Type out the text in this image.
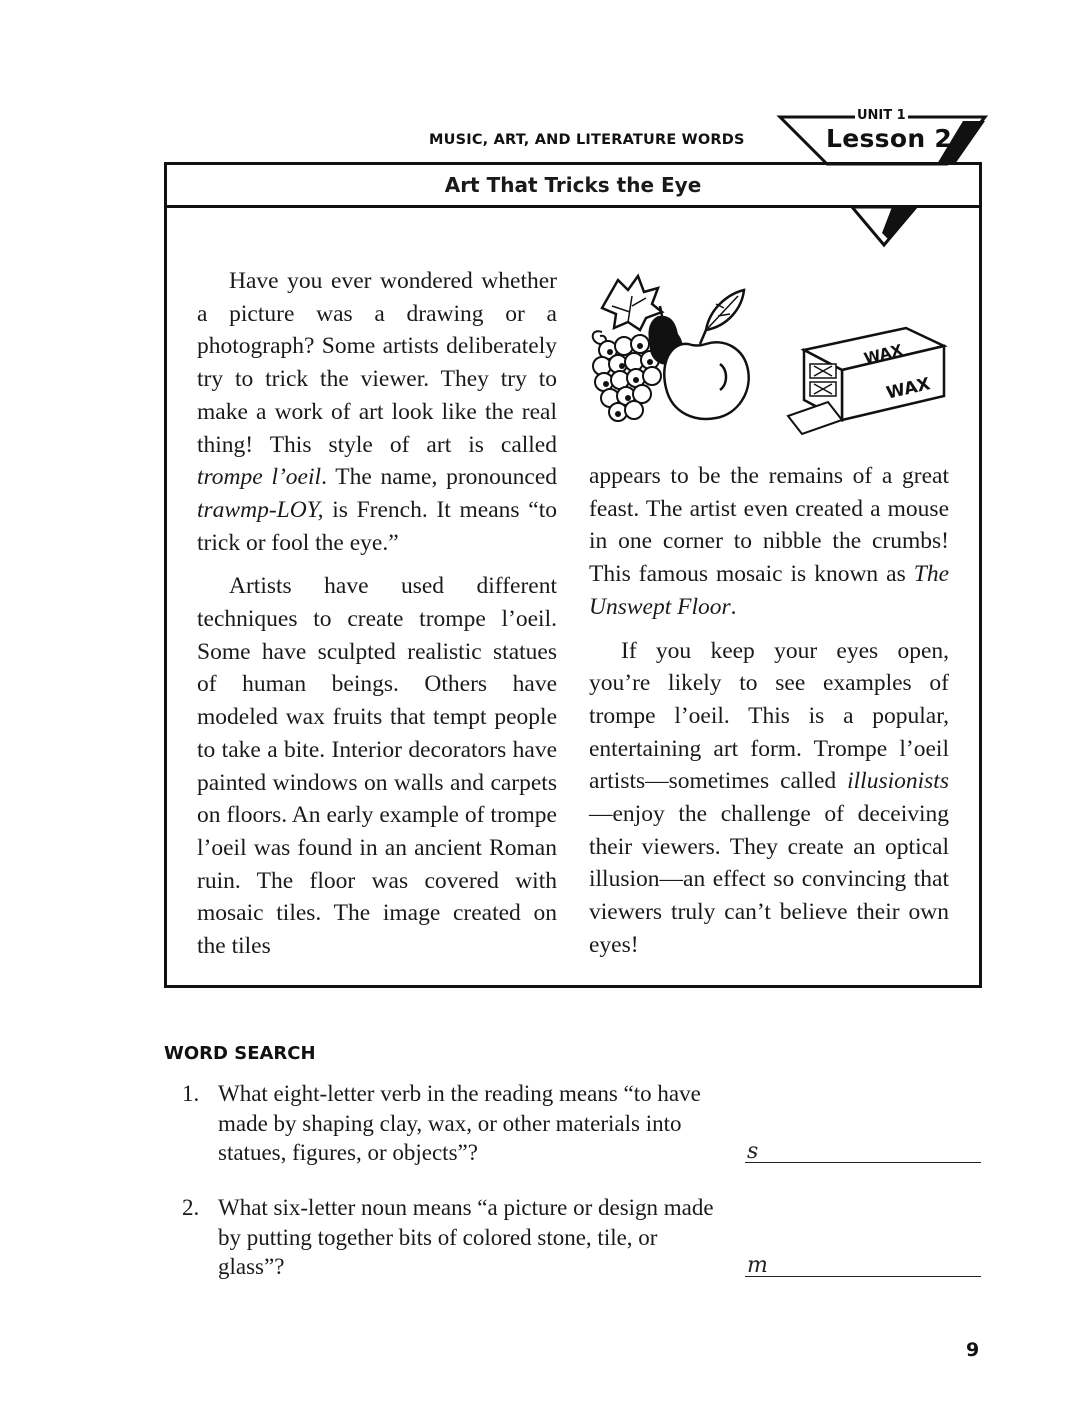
MUSIC, ART, AND LITERATURE WORDS
UNIT 1
Lesson 2
Art That Tricks the Eye

Have you ever wondered whether a picture was a drawing or a photograph? Some artists deliberately try to trick the viewer. They try to make a work of art look like the real thing! This style of art is called trompe l’oeil. The name, pronounced trawmp-LOY, is French. It means “to trick or fool the eye.”

Artists have used different techniques to create trompe l’oeil. Some have sculpted realistic statues of human beings. Others have modeled wax fruits that tempt people to take a bite. Interior decorators have painted windows on walls and carpets on floors. An early example of trompe l’oeil was found in an ancient Roman ruin. The floor was covered with mosaic tiles. The image created on the tiles

WAX
WAX

appears to be the remains of a great feast. The artist even created a mouse in one corner to nibble the crumbs! This famous mosaic is known as The Unswept Floor.

If you keep your eyes open, you’re likely to see examples of trompe l’oeil. This is a popular, entertaining art form. Trompe l’oeil artists—sometimes called illusionists—enjoy the challenge of deceiving their viewers. They create an optical illusion—an effect so convincing that viewers truly can’t believe their own eyes!

WORD SEARCH
1. What eight-letter verb in the reading means “to have made by shaping clay, wax, or other materials into statues, figures, or objects”?	s
2. What six-letter noun means “a picture or design made by putting together bits of colored stone, tile, or glass”?	m
9
